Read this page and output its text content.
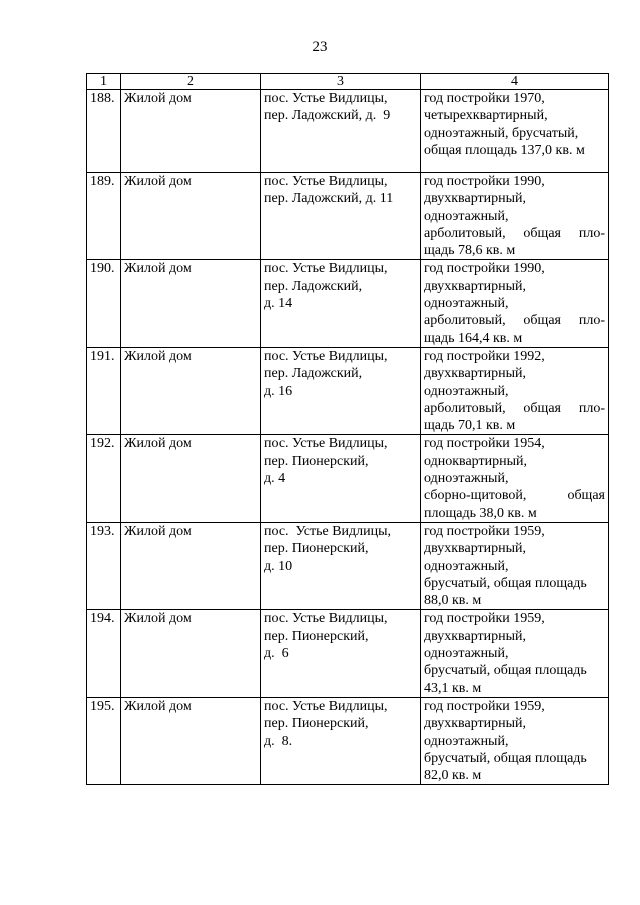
23
1	2	3	4
188.	Жилой дом	пос. Устье Видлицы,
пер. Ладожский, д.  9	год постройки 1970,
четырехквартирный,
одноэтажный, брусчатый,
общая площадь 137,0 кв. м

189.	Жилой дом	пос. Устье Видлицы,
пер. Ладожский, д. 11	год постройки 1990,
двухквартирный,
одноэтажный,
арболитовый, общая пло-
щадь 78,6 кв. м

190.	Жилой дом	пос. Устье Видлицы,
пер. Ладожский,
д. 14	год постройки 1990,
двухквартирный,
одноэтажный,
арболитовый, общая пло-
щадь 164,4 кв. м

191.	Жилой дом	пос. Устье Видлицы,
пер. Ладожский,
д. 16	год постройки 1992,
двухквартирный,
одноэтажный,
арболитовый, общая пло-
щадь 70,1 кв. м

192.	Жилой дом	пос. Устье Видлицы,
пер. Пионерский,
д. 4	год постройки 1954,
одноквартирный,
одноэтажный,
сборно-щитовой, общая
площадь 38,0 кв. м

193.	Жилой дом	пос.  Устье Видлицы,
пер. Пионерский,
д. 10	год постройки 1959,
двухквартирный,
одноэтажный,
брусчатый, общая площадь
88,0 кв. м

194.	Жилой дом	пос. Устье Видлицы,
пер. Пионерский,
д.  6	год постройки 1959,
двухквартирный,
одноэтажный,
брусчатый, общая площадь
43,1 кв. м

195.	Жилой дом	пос. Устье Видлицы,
пер. Пионерский,
д.  8.	год постройки 1959,
двухквартирный,
одноэтажный,
брусчатый, общая площадь
82,0 кв. м
